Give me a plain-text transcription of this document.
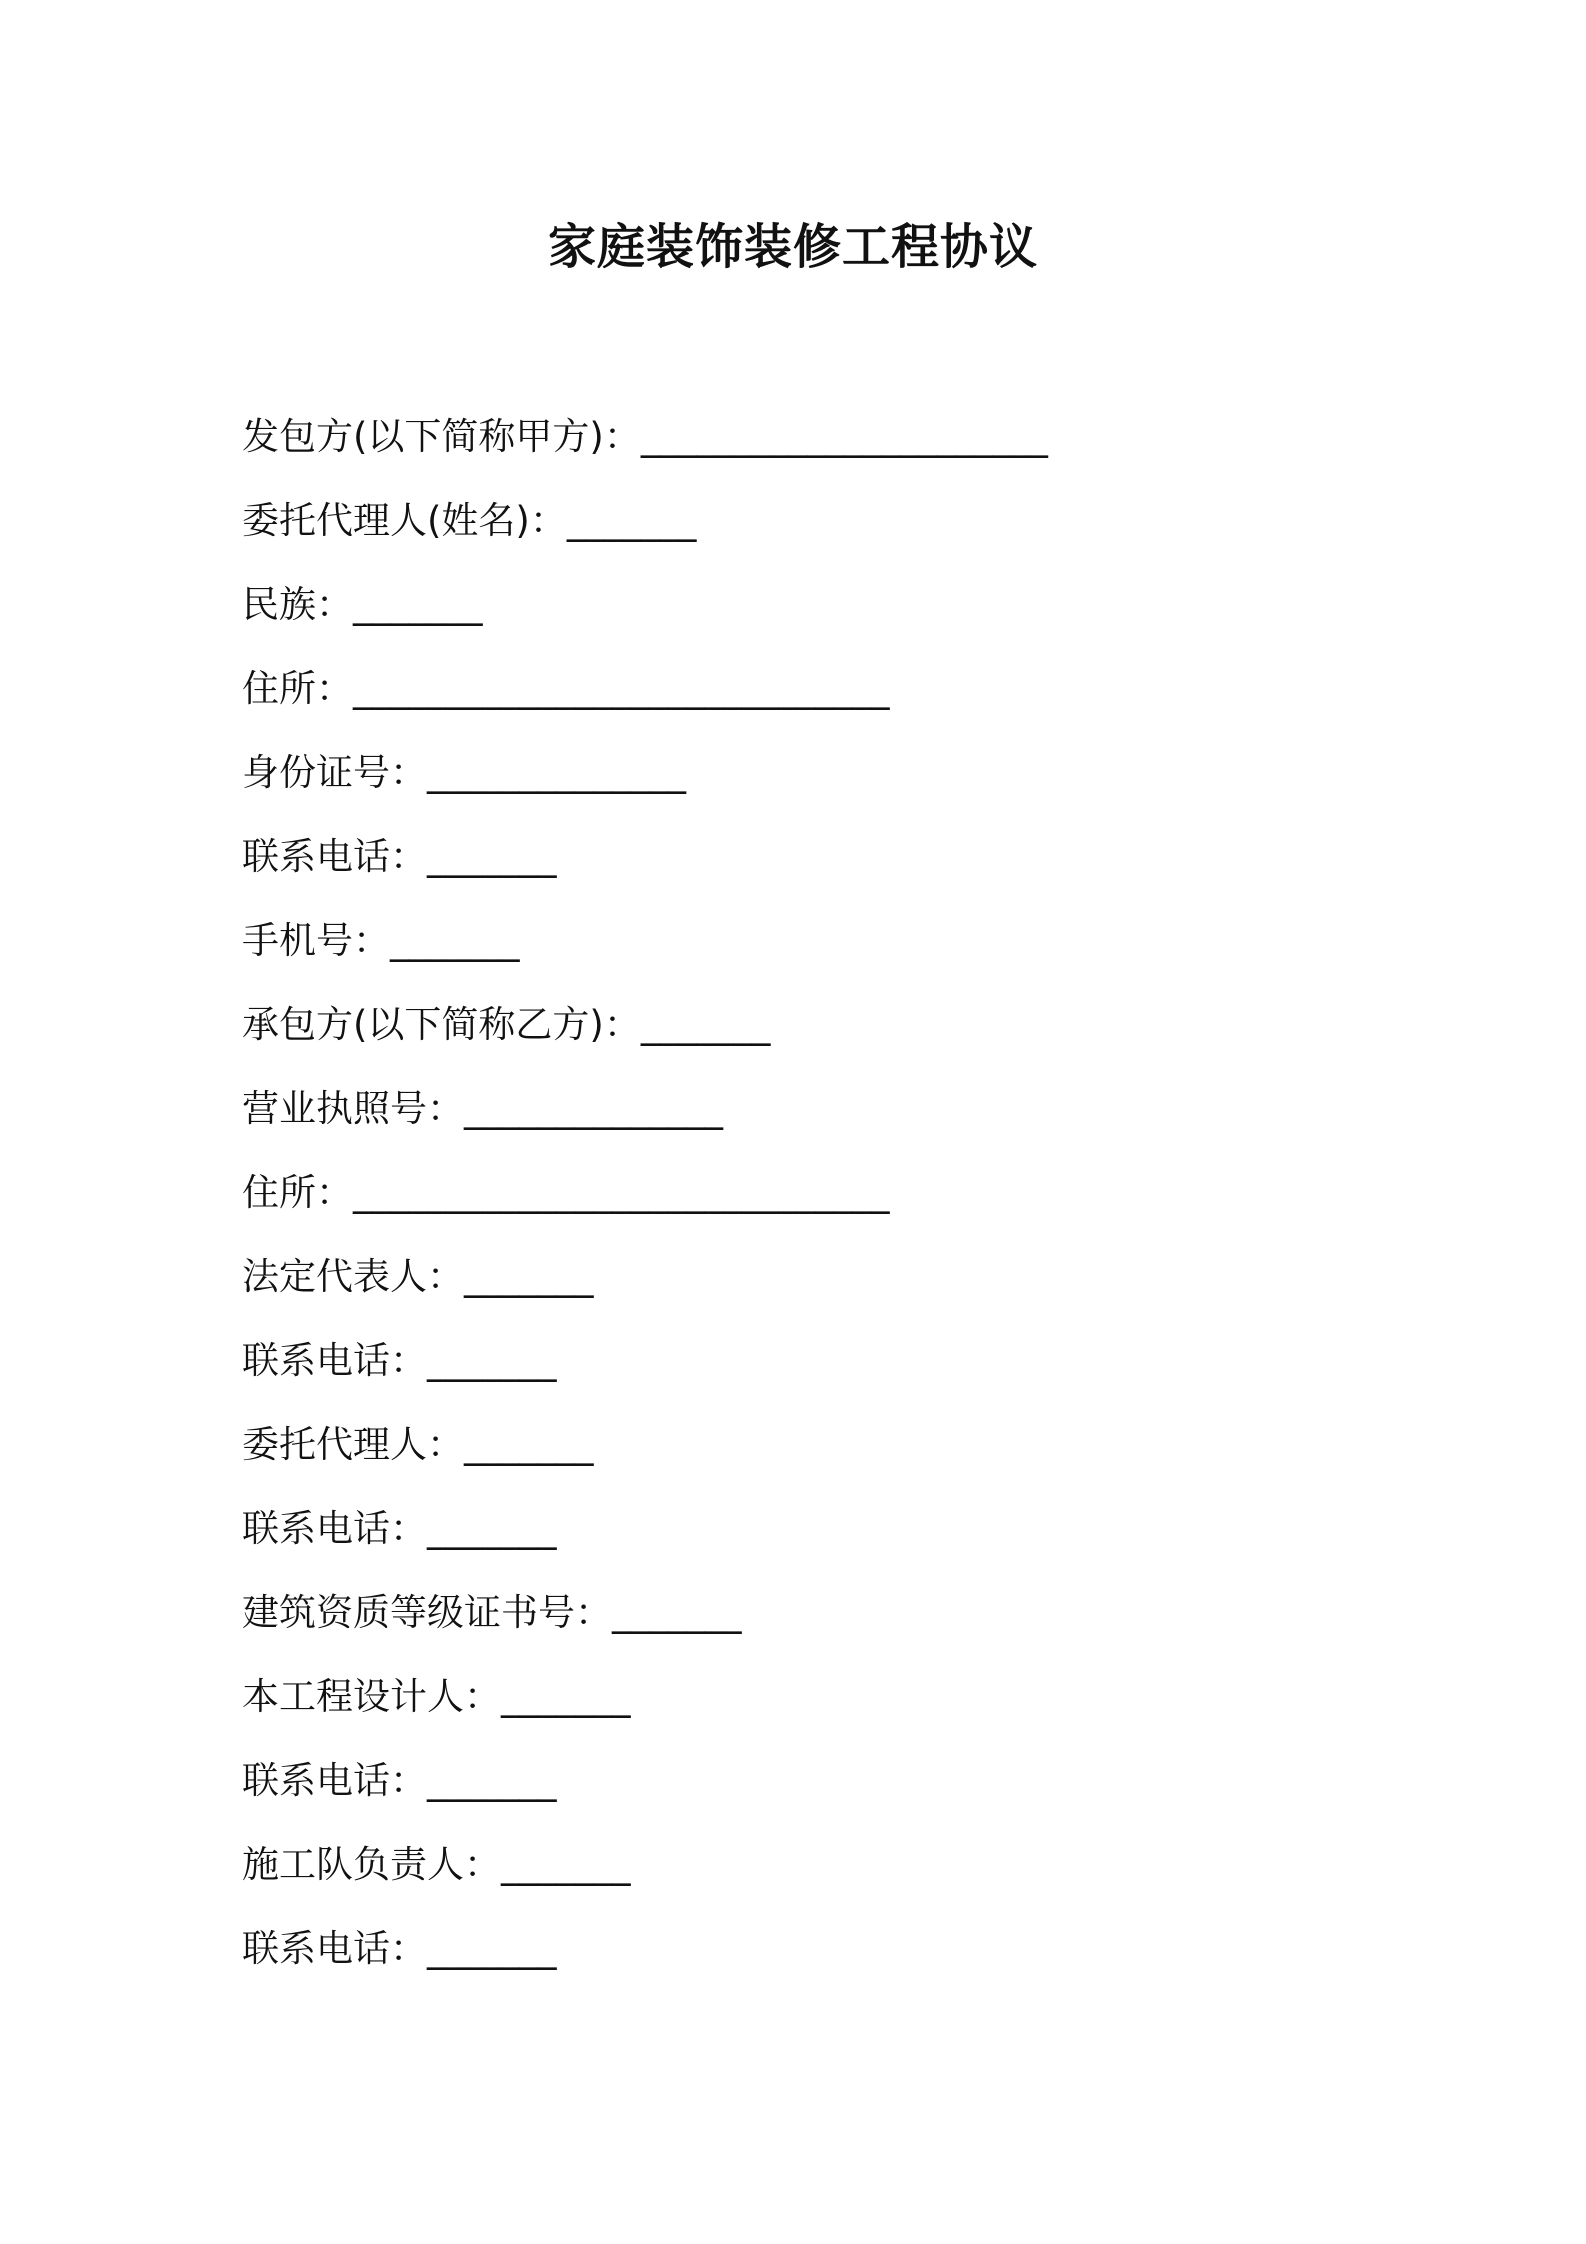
家庭装饰装修工程协议
发包方(以下简称甲方)：______________________
委托代理人(姓名)：_______
民族：_______
住所：_____________________________
身份证号：______________
联系电话：_______
手机号：_______
承包方(以下简称乙方)：_______
营业执照号：______________
住所：_____________________________
法定代表人：_______
联系电话：_______
委托代理人：_______
联系电话：_______
建筑资质等级证书号：_______
本工程设计人：_______
联系电话：_______
施工队负责人：_______
联系电话：_______
